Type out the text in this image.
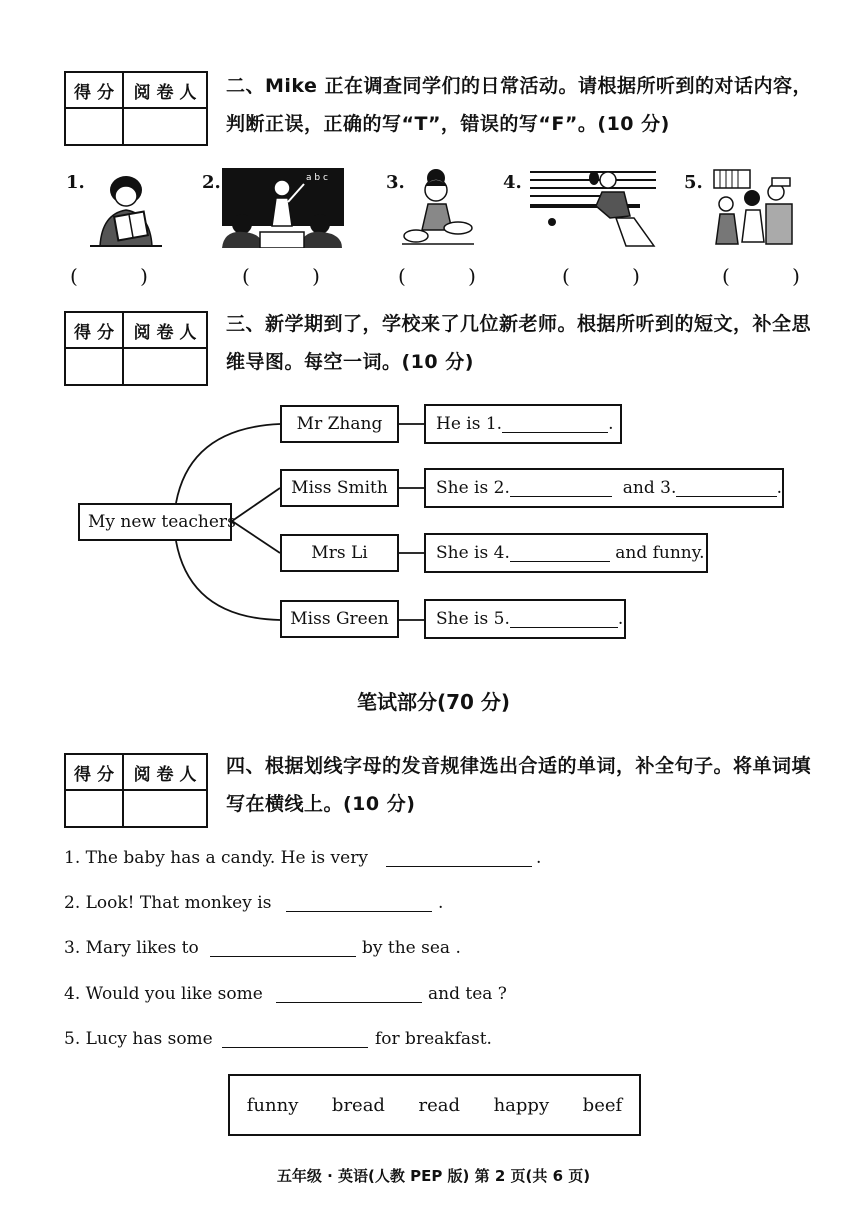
得 分	阅 卷 人
	二、Mike 正在调查同学们的日常活动。请根据所听到的对话内容，判断正误，正确的写“T”，错误的写“F”。(10 分)
1.	2.	3.	4.	5.
a b c
( )	( )	( )	( )	( )
得 分	阅 卷 人
	三、新学期到了，学校来了几位新老师。根据所听到的短文，补全思维导图。每空一词。(10 分)
My new teachers
Mr Zhang
Miss Smith
Mrs Li
Miss Green
He is 1.	.
She is 2.
	and 3.	.
She is 4.
	and funny.
She is 5.	.
笔试部分(70 分)
得 分	阅 卷 人
	四、根据划线字母的发音规律选出合适的单词，补全句子。将单词填写在横线上。(10 分)
1. The baby has a candy. He is very	.
2. Look! That monkey is	.
3. Mary likes to	by the sea .
4. Would you like some	and tea ?
5. Lucy has some	for breakfast.
funny bread read happy beef
五年级 · 英语(人教 PEP 版) 第 2 页(共 6 页)
